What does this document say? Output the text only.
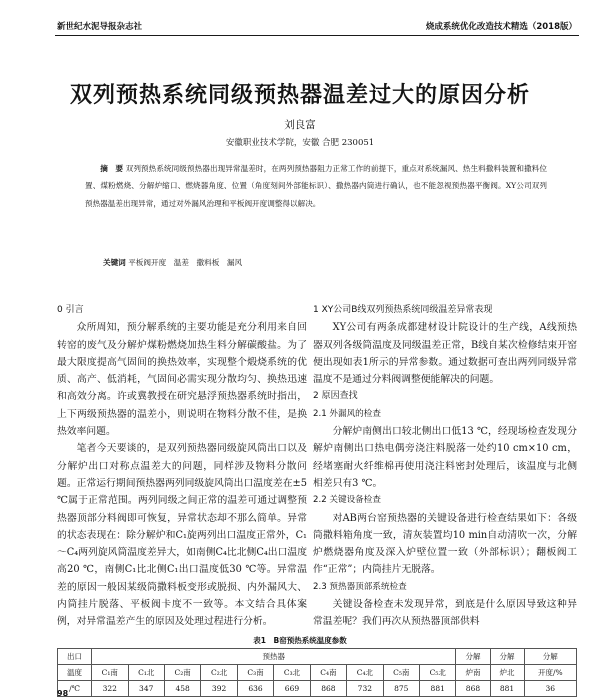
新世纪水泥导报杂志社	烧成系统优化改造技术精选（2018版）
双列预热系统同级预热器温差过大的原因分析
刘良富
安徽职业技术学院，安徽 合肥 230051
摘　要 双列预热系统同级预热器出现异常温差时，在两列预热器阻力正常工作的前提下，重点对系统漏风、热生料撒料装置和撒料位置、煤粉燃烧、分解炉缩口、燃烧器角度、位置（角度刻间外部能标识）、撒热器内筒进行确认，也不能忽视预热器平衡阀。XY公司双列预热器温差出现异常，通过对外漏风治理和平板阀开度调整得以解决。
关键词 平板阀开度　温差　撒料板　漏风
0 引言

众所周知，预分解系统的主要功能是充分利用来自回转窑的废气及分解炉煤粉燃烧加热生料分解碳酸盐。为了最大限度提高气固间的换热效率，实现整个煅烧系统的优质、高产、低消耗，气固间必需实现分散均匀、换热迅速和高效分离。许或冀教授在研究悬浮预热器系统时指出，上下两级预热器的温差小，则说明在物料分散不佳，是换热效率问题。

笔者今天要谈的，是双列预热器同级旋风筒出口以及分解炉出口对称点温差大的问题，同样涉及物料分散问题。正常运行期间预热器两列同级旋风筒出口温度差在±5 ℃属于正常范围。两列同级之间正常的温差可通过调整预热器顶部分料阀即可恢复，异常状态却不那么简单。异常的状态表现在：除分解炉和C₁旋两列出口温度正常外，C₁～C₄两列旋风筒温度差异大，如南侧C₄比北侧C₄出口温度高20 ℃，南侧C₁比北侧C₁出口温度低30 ℃等。异常温差的原因一般因某级筒撒料板变形或脱损、内外漏风大、内筒挂片脱落、平板阀卡度不一致等。本文结合具体案例，对异常温差产生的原因及处理过程进行分析。

1 XY公司B线双列预热系统同级温差异常表现

XY公司有两条成都建材设计院设计的生产线，A线预热器双列各级筒温度及同级温差正常，B线自某次检修结束开窑便出现如表1所示的异常参数。通过数据可查出两列同级异常温度不是通过分料阀调整便能解决的问题。

2 原因查找
2.1 外漏风的检查

分解炉南侧出口较北侧出口低13 ℃，经现场检查发现分解炉南侧出口热电偶旁浇注料脱落一处约10 cm×10 cm，经堵塞耐火纤维棉再使用浇注料密封处理后，该温度与北侧相差只有3 ℃。

2.2 关键设备检查

对AB两台窑预热器的关键设备进行检查结果如下：各级筒撒料箱角度一致，清灰装置均10 min自动清吹一次，分解炉燃烧器角度及深入炉壁位置一致（外部标识）；翻板阀工作“正常”；内筒挂片无脱落。

2.3 预热器顶部系统检查

关键设备检查未发现异常，到底是什么原因导致这种异常温差呢？我们再次从预热器顶部供料

表1　B窑预热系统温度参数
出口	预热器										分解	分解	分解
温度	C₁南	C₁北	C₂南	C₂北	C₃南	C₃北	C₄南	C₄北	C₅南	C₅北	炉南	炉北	开度/%
/℃	322	347	458	392	636	669	868	732	875	881	868	881	36
98
